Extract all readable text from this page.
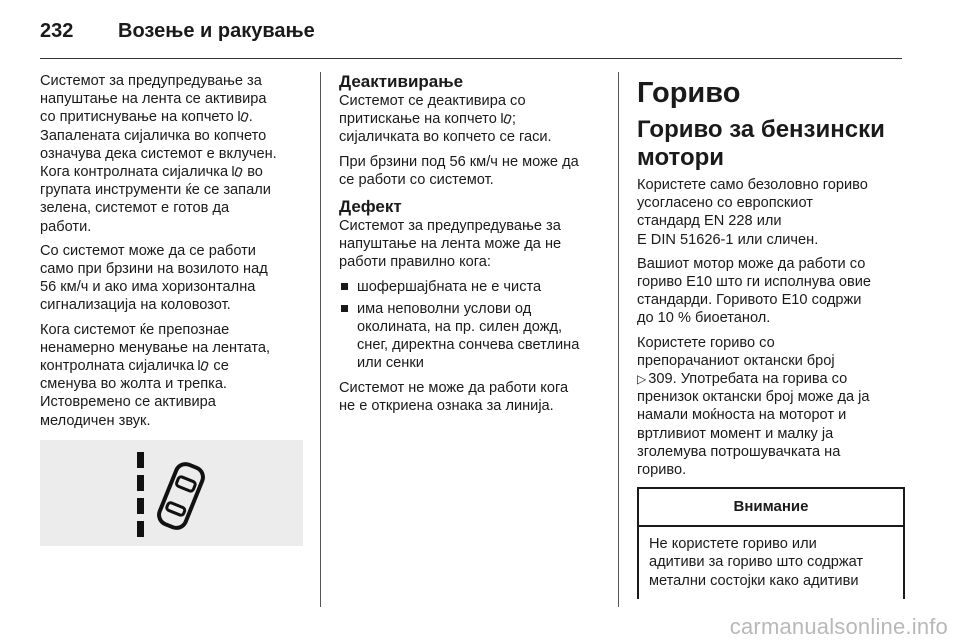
232 Возење и ракување

Системот за предупредување за
напуштање на лента се активира
со притиснување на копчето .
Запалената сијаличка во копчето
означува дека системот е вклучен.
Кога контролната сијаличка во
групата инструменти ќе се запали
зелена, системот е готов да
работи.

Со системот може да се работи
само при брзини на возилото над
56 км/ч и ако има хоризонтална
сигнализација на коловозот.

Кога системот ќе препознае
ненамерно менување на лентата,
контролната сијаличка се
сменува во жолта и трепка.
Истовремено се активира
мелодичен звук.

Деактивирање

Системот се деактивира со
притискање на копчето ;
сијаличката во копчето се гаси.

При брзини под 56 км/ч не може да
се работи со системот.

Дефект

Системот за предупредување за
напуштање на лента може да не
работи правилно кога:

шофершајбната не е чиста
има неповолни услови од
околината, на пр. силен дожд,
снег, директна сончева светлина
или сенки

Системот не може да работи кога
не е откриена ознака за линија.

Гориво
Гориво за бензински
мотори

Користете само безоловно гориво
усогласено со европскиот
стандард EN 228 или
E DIN 51626-1 или сличен.

Вашиот мотор може да работи со
гориво E10 што ги исполнува овие
стандарди. Горивото E10 содржи
до 10 % биоетанол.

Користете гориво со
препорачаниот октански број
▷ 309. Употребата на горива со
пренизок октански број може да ја
намали моќноста на моторот и
вртливиот момент и малку ја
зголемува потрошувачката на
гориво.

Внимание
Не користете гориво или
адитиви за гориво што содржат
метални состојки како адитиви
carmanualsonline.info
